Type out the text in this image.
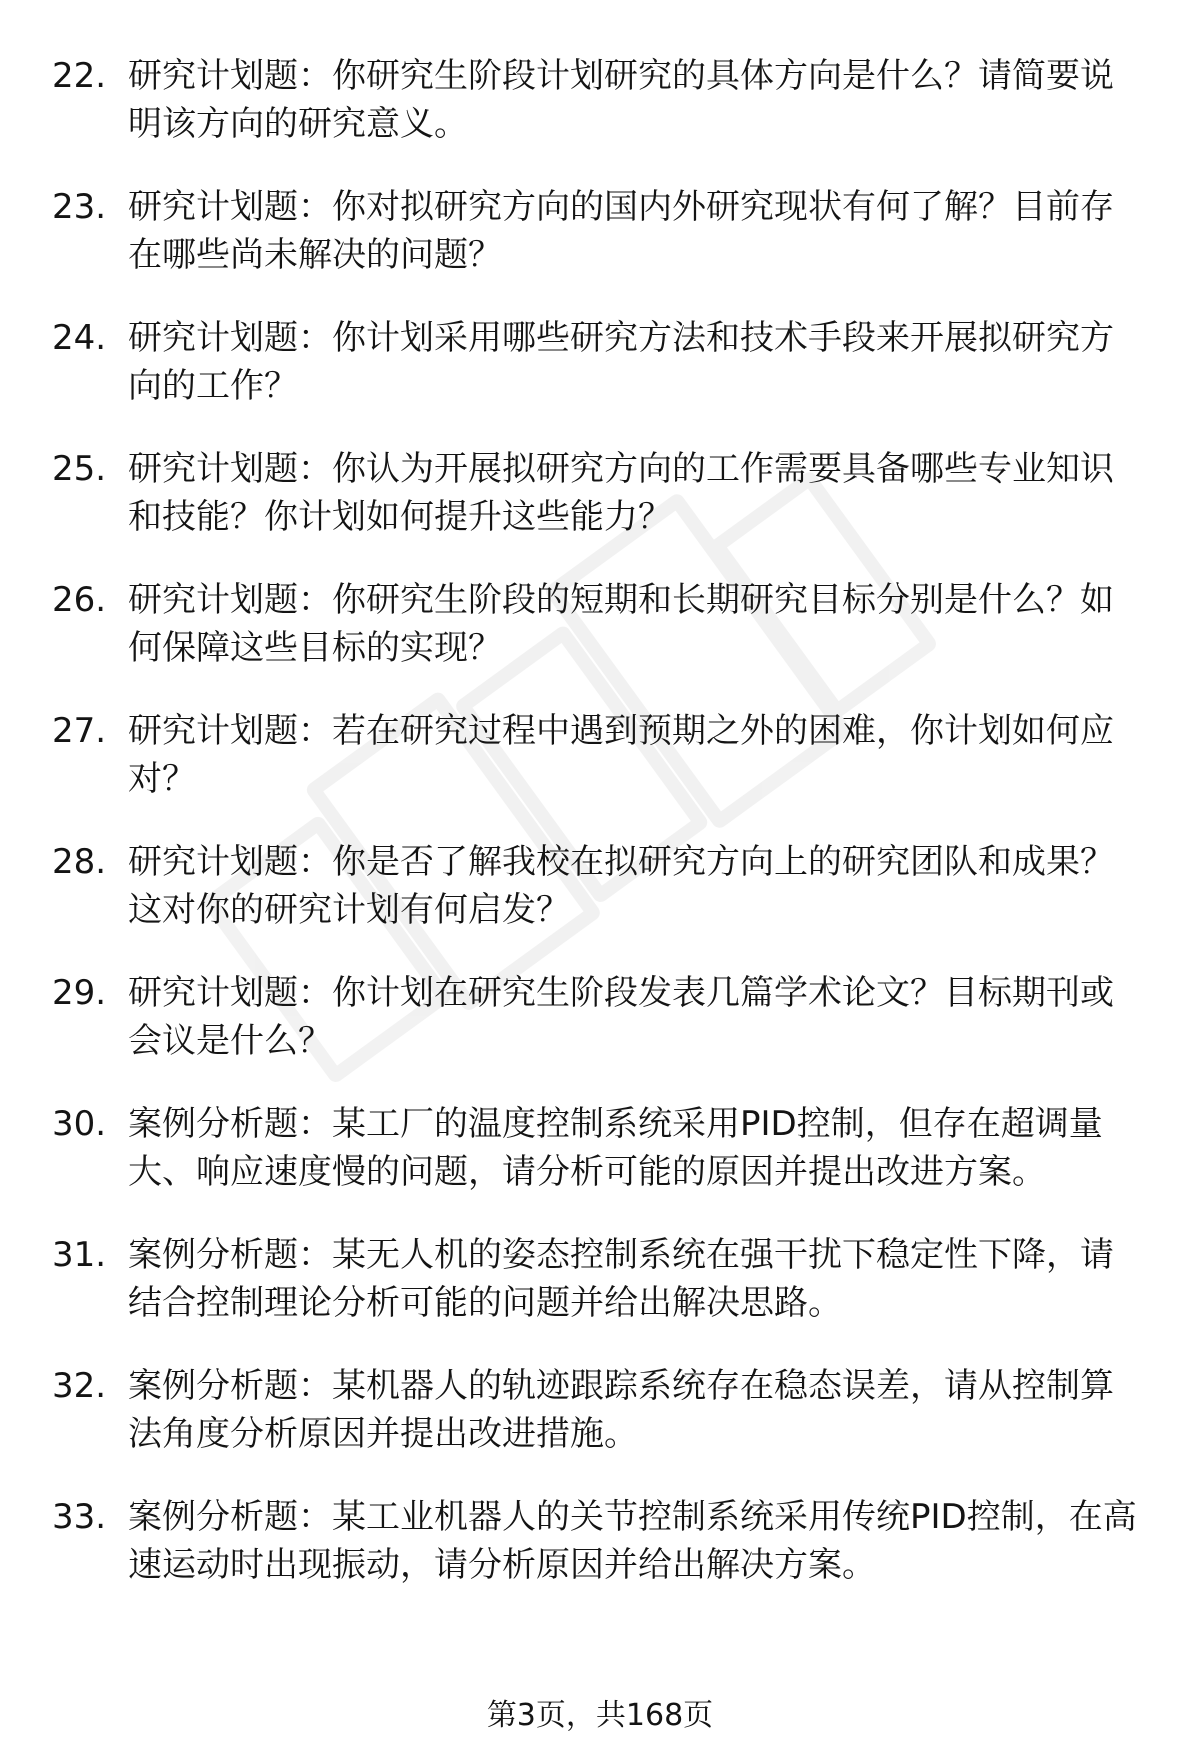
22. 研究计划题：你研究生阶段计划研究的具体方向是什么？请简要说明该方向的研究意义。
23. 研究计划题：你对拟研究方向的国内外研究现状有何了解？目前存在哪些尚未解决的问题？
24. 研究计划题：你计划采用哪些研究方法和技术手段来开展拟研究方向的工作？
25. 研究计划题：你认为开展拟研究方向的工作需要具备哪些专业知识和技能？你计划如何提升这些能力？
26. 研究计划题：你研究生阶段的短期和长期研究目标分别是什么？如何保障这些目标的实现？
27. 研究计划题：若在研究过程中遇到预期之外的困难，你计划如何应对？
28. 研究计划题：你是否了解我校在拟研究方向上的研究团队和成果？这对你的研究计划有何启发？
29. 研究计划题：你计划在研究生阶段发表几篇学术论文？目标期刊或会议是什么？
30. 案例分析题：某工厂的温度控制系统采用PID控制，但存在超调量大、响应速度慢的问题，请分析可能的原因并提出改进方案。
31. 案例分析题：某无人机的姿态控制系统在强干扰下稳定性下降，请结合控制理论分析可能的问题并给出解决思路。
32. 案例分析题：某机器人的轨迹跟踪系统存在稳态误差，请从控制算法角度分析原因并提出改进措施。
33. 案例分析题：某工业机器人的关节控制系统采用传统PID控制，在高速运动时出现振动，请分析原因并给出解决方案。
第3页，共168页
